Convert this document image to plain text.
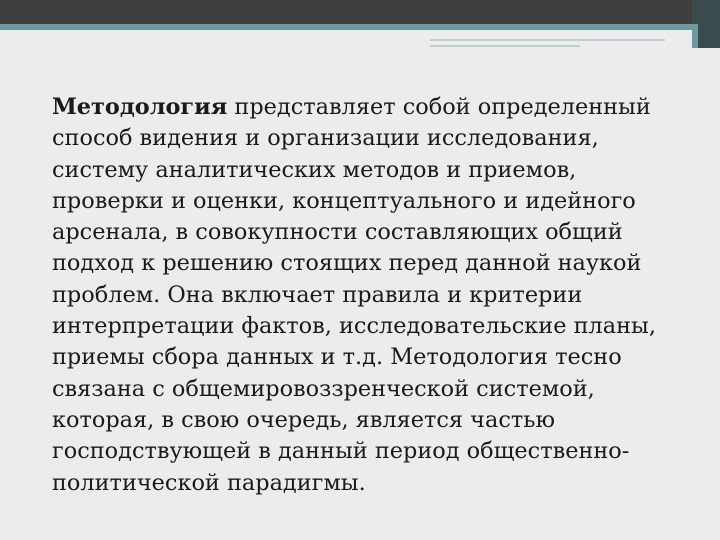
Методология представляет собой определенный способ видения и организации исследования, систему аналитических методов и приемов, проверки и оценки, концептуального и идейного арсенала, в совокупности составляющих общий подход к решению стоящих перед данной наукой проблем. Она включает правила и критерии интерпретации фактов, исследовательские планы, приемы сбора данных и т.д. Методология тесно связана с общемировоззренческой системой, которая, в свою очередь, является частью господствующей в данный период общественно-политической парадигмы.
